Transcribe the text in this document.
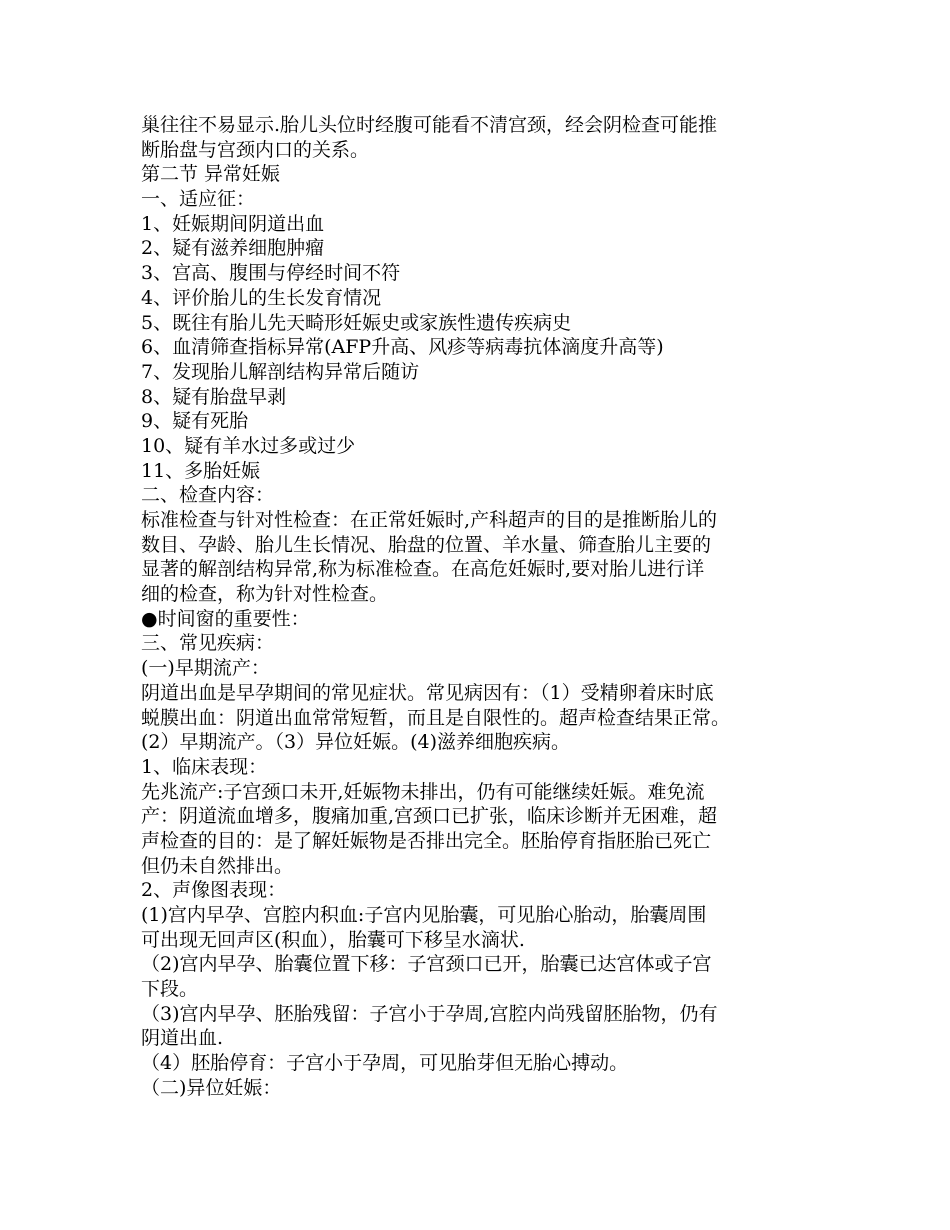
巢往往不易显示.胎儿头位时经腹可能看不清宫颈，经会阴检查可能推
断胎盘与宫颈内口的关系。
第二节 异常妊娠
一、适应征：
1、妊娠期间阴道出血
2、疑有滋养细胞肿瘤
3、宫高、腹围与停经时间不符
4、评价胎儿的生长发育情况
5、既往有胎儿先天畸形妊娠史或家族性遗传疾病史
6、血清筛查指标异常(AFP升高、风疹等病毒抗体滴度升高等)
7、发现胎儿解剖结构异常后随访
8、疑有胎盘早剥
9、疑有死胎
10、疑有羊水过多或过少
11、多胎妊娠
二、检查内容：
标准检查与针对性检查：在正常妊娠时,产科超声的目的是推断胎儿的
数目、孕龄、胎儿生长情况、胎盘的位置、羊水量、筛查胎儿主要的
显著的解剖结构异常,称为标准检查。在高危妊娠时,要对胎儿进行详
细的检查，称为针对性检查。
●时间窗的重要性：
三、常见疾病：
(一)早期流产：
阴道出血是早孕期间的常见症状。常见病因有：（1）受精卵着床时底
蜕膜出血：阴道出血常常短暂，而且是自限性的。超声检查结果正常。
(2）早期流产。（3）异位妊娠。(4)滋养细胞疾病。
1、临床表现：
先兆流产:子宫颈口未开,妊娠物未排出，仍有可能继续妊娠。难免流
产：阴道流血增多，腹痛加重,宫颈口已扩张，临床诊断并无困难，超
声检查的目的：是了解妊娠物是否排出完全。胚胎停育指胚胎已死亡
但仍未自然排出。
2、声像图表现：
(1)宫内早孕、宫腔内积血:子宫内见胎囊，可见胎心胎动，胎囊周围
可出现无回声区(积血），胎囊可下移呈水滴状.
（2)宫内早孕、胎囊位置下移：子宫颈口已开，胎囊已达宫体或子宫
下段。
（3)宫内早孕、胚胎残留：子宫小于孕周,宫腔内尚残留胚胎物，仍有
阴道出血.
（4）胚胎停育：子宫小于孕周，可见胎芽但无胎心搏动。
（二)异位妊娠：
